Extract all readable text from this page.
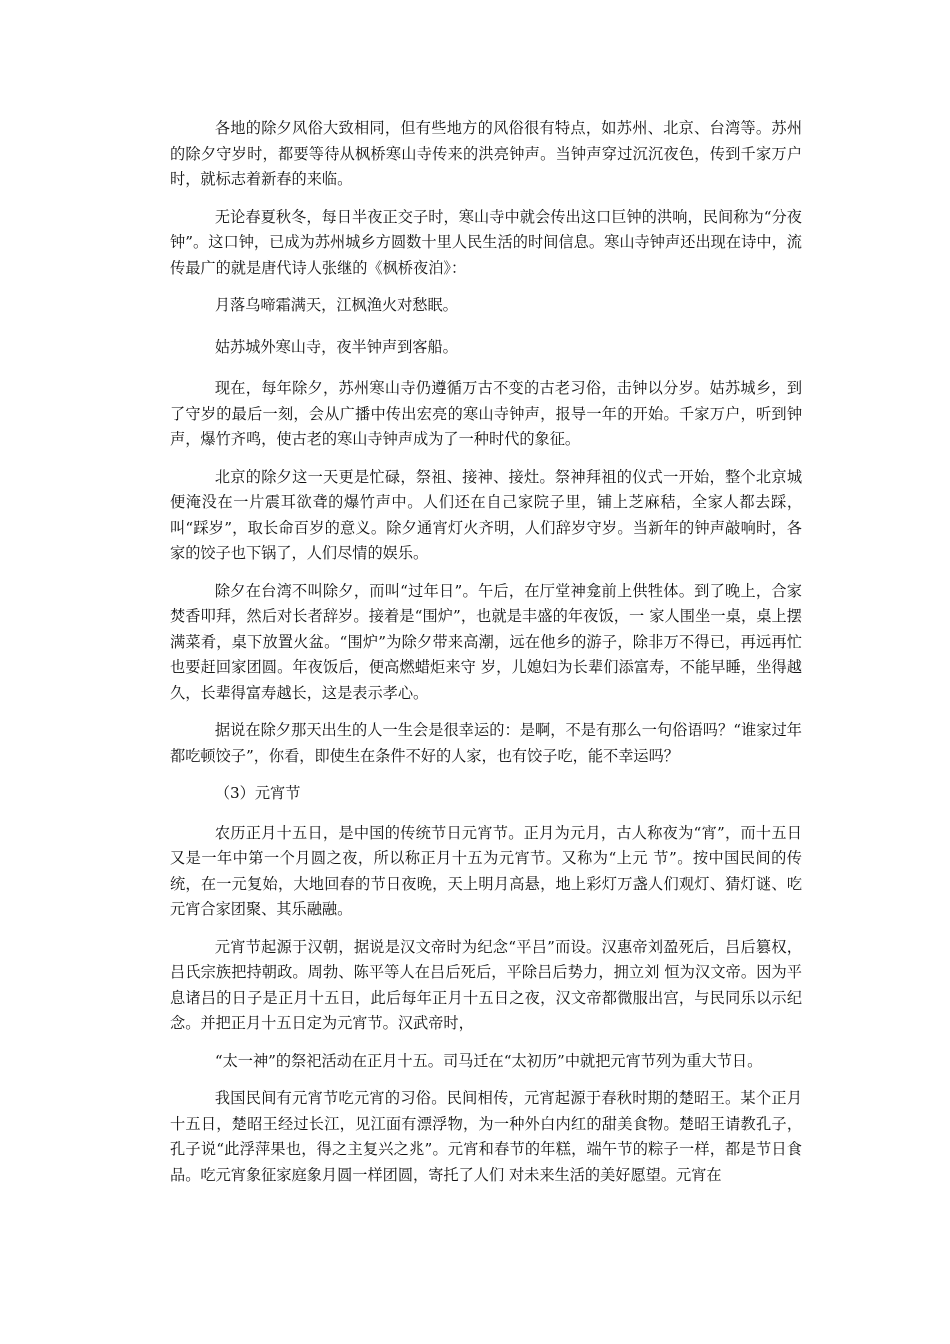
各地的除夕风俗大致相同，但有些地方的风俗很有特点，如苏州、北京、台湾等。苏州的除夕守岁时，都要等待从枫桥寒山寺传来的洪亮钟声。当钟声穿过沉沉夜色，传到千家万户时，就标志着新春的来临。

无论春夏秋冬，每日半夜正交子时，寒山寺中就会传出这口巨钟的洪响，民间称为“分夜钟”。这口钟，已成为苏州城乡方圆数十里人民生活的时间信息。寒山寺钟声还出现在诗中，流传最广的就是唐代诗人张继的《枫桥夜泊》：

月落乌啼霜满天，江枫渔火对愁眠。

姑苏城外寒山寺，夜半钟声到客船。

现在，每年除夕，苏州寒山寺仍遵循万古不变的古老习俗，击钟以分岁。姑苏城乡，到了守岁的最后一刻，会从广播中传出宏亮的寒山寺钟声，报导一年的开始。千家万户，听到钟声，爆竹齐鸣，使古老的寒山寺钟声成为了一种时代的象征。

北京的除夕这一天更是忙碌，祭祖、接神、接灶。祭神拜祖的仪式一开始，整个北京城便淹没在一片震耳欲聋的爆竹声中。人们还在自己家院子里，铺上芝麻秸，全家人都去踩，叫“踩岁”，取长命百岁的意义。除夕通宵灯火齐明，人们辞岁守岁。当新年的钟声敲响时，各家的饺子也下锅了，人们尽情的娱乐。

除夕在台湾不叫除夕，而叫“过年日”。午后，在厅堂神龛前上供牲体。到了晚上，合家焚香叩拜，然后对长者辞岁。接着是“围炉”，也就是丰盛的年夜饭，一 家人围坐一桌，桌上摆满菜肴，桌下放置火盆。“围炉”为除夕带来高潮，远在他乡的游子，除非万不得已，再远再忙也要赶回家团圆。年夜饭后，便高燃蜡炬来守 岁，儿媳妇为长辈们添富寿，不能早睡，坐得越久，长辈得富寿越长，这是表示孝心。

据说在除夕那天出生的人一生会是很幸运的：是啊，不是有那么一句俗语吗？“谁家过年都吃顿饺子”，你看，即使生在条件不好的人家，也有饺子吃，能不幸运吗？

（3）元宵节

农历正月十五日，是中国的传统节日元宵节。正月为元月，古人称夜为“宵”，而十五日又是一年中第一个月圆之夜，所以称正月十五为元宵节。又称为“上元 节”。按中国民间的传统，在一元复始，大地回春的节日夜晚，天上明月高悬，地上彩灯万盏人们观灯、猜灯谜、吃元宵合家团聚、其乐融融。

元宵节起源于汉朝，据说是汉文帝时为纪念“平吕”而设。汉惠帝刘盈死后，吕后篡权，吕氏宗族把持朝政。周勃、陈平等人在吕后死后，平除吕后势力，拥立刘 恒为汉文帝。因为平息诸吕的日子是正月十五日，此后每年正月十五日之夜，汉文帝都微服出宫，与民同乐以示纪念。并把正月十五日定为元宵节。汉武帝时，

“太一神”的祭祀活动在正月十五。司马迁在“太初历”中就把元宵节列为重大节日。

我国民间有元宵节吃元宵的习俗。民间相传，元宵起源于春秋时期的楚昭王。某个正月十五日，楚昭王经过长江，见江面有漂浮物，为一种外白内红的甜美食物。楚昭王请教孔子，孔子说“此浮萍果也，得之主复兴之兆”。元宵和春节的年糕，端午节的粽子一样，都是节日食品。吃元宵象征家庭象月圆一样团圆，寄托了人们 对未来生活的美好愿望。元宵在
